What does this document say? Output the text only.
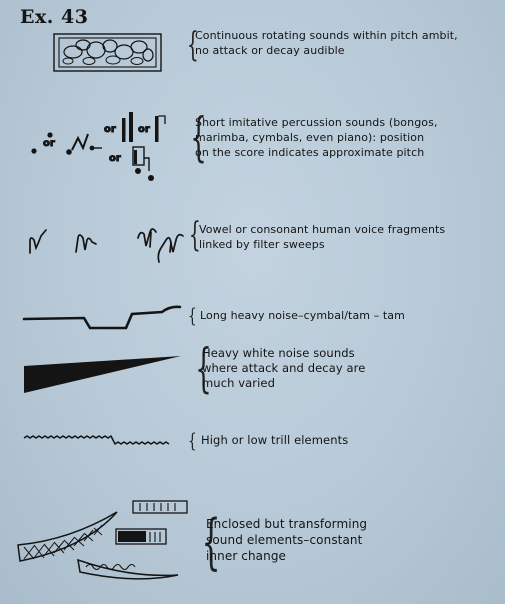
Ex. 43
or
or or
or
{
{
{
{
{
{
{
Continuous rotating sounds within pitch ambit,
no attack or decay audible
Short imitative percussion sounds (bongos,
marimba, cymbals, even piano): position
on the score indicates approximate pitch
Vowel or consonant human voice fragments
linked by filter sweeps
Long heavy noise–cymbal/tam – tam
Heavy white noise sounds
where attack and decay are
much varied
High or low trill elements
Enclosed but transforming
sound elements–constant
inner change
